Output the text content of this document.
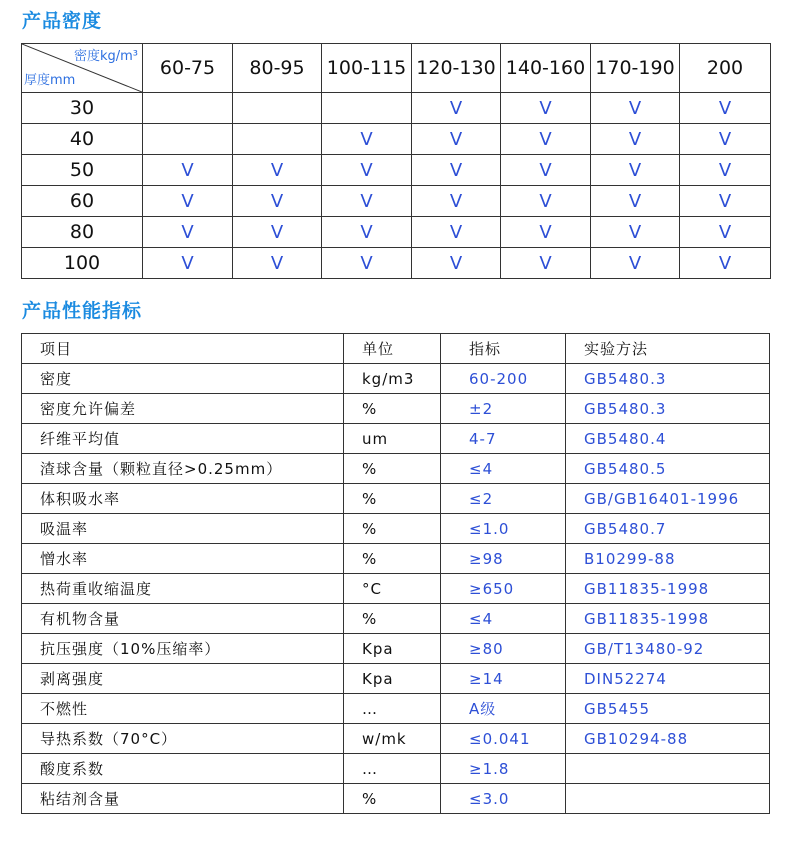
产品密度
密度kg/m³
厚度mm	60-75	80-95	100-115	120-130	140-160	170-190	200
30				V	V	V	V
40			V	V	V	V	V
50	V	V	V	V	V	V	V
60	V	V	V	V	V	V	V
80	V	V	V	V	V	V	V
100	V	V	V	V	V	V	V
产品性能指标
项目	单位	指标	实验方法
密度	kg/m3	60-200	GB5480.3
密度允许偏差	%	±2	GB5480.3
纤维平均值	um	4-7	GB5480.4
渣球含量（颗粒直径>0.25mm）	%	≤4	GB5480.5
体积吸水率	%	≤2	GB/GB16401-1996
吸温率	%	≤1.0	GB5480.7
憎水率	%	≥98	B10299-88
热荷重收缩温度	°C	≥650	GB11835-1998
有机物含量	%	≤4	GB11835-1998
抗压强度（10%压缩率）	Kpa	≥80	GB/T13480-92
剥离强度	Kpa	≥14	DIN52274
不燃性	…	A级	GB5455
导热系数（70°C）	w/mk	≤0.041	GB10294-88
酸度系数	…	≥1.8	
粘结剂含量	%	≤3.0	
